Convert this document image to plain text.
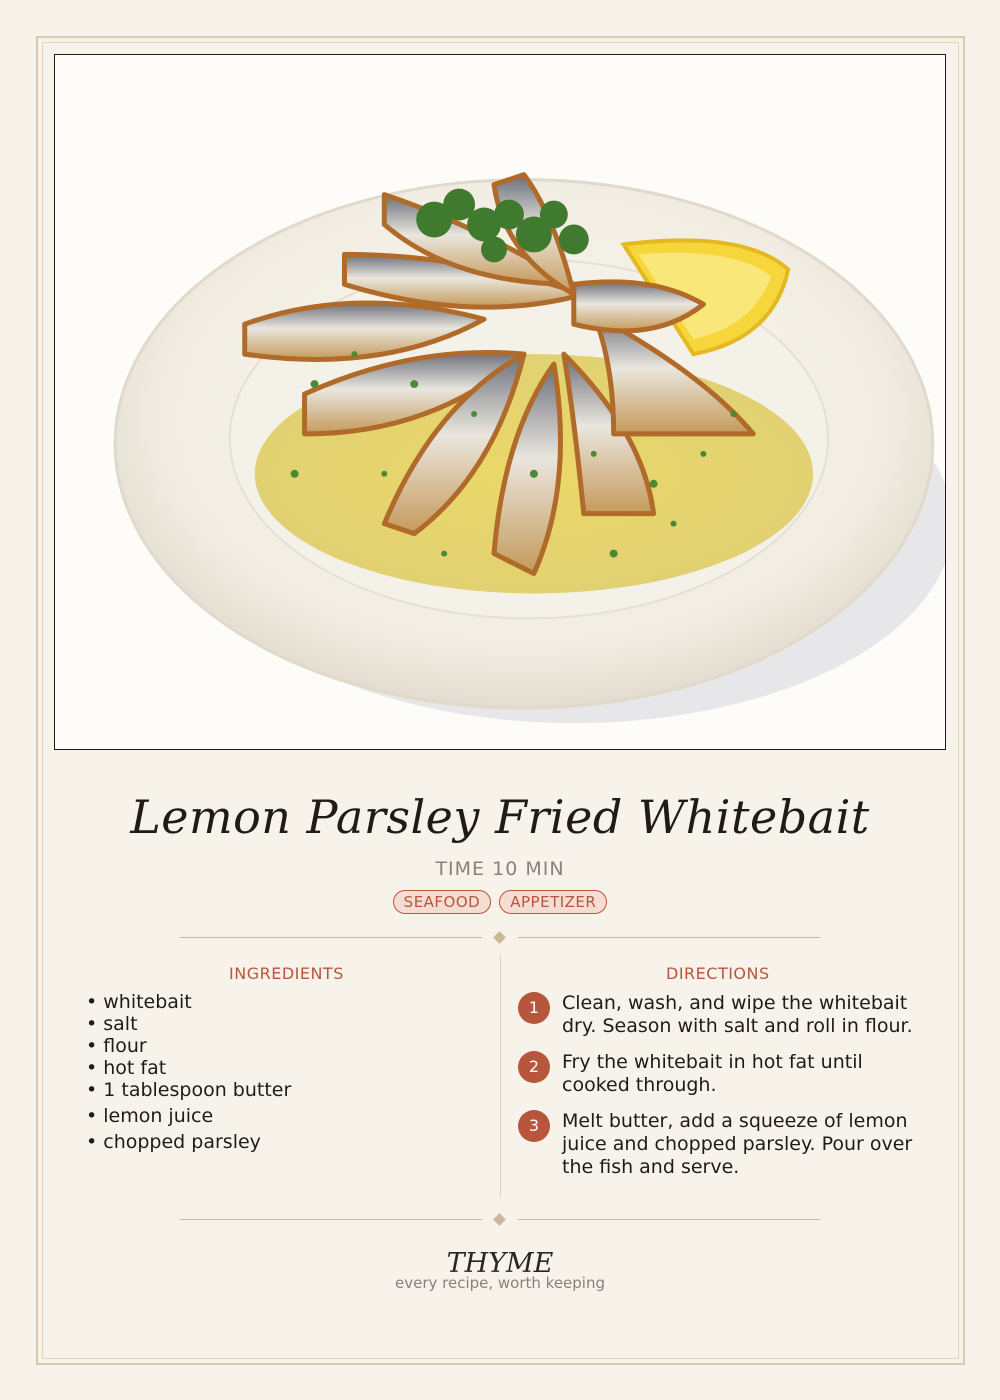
Lemon Parsley Fried Whitebait
TIME 10 MIN
SEAFOOD	APPETIZER
INGREDIENTS
• whitebait
• salt
• flour
• hot fat
• 1 tablespoon butter
• lemon juice
• chopped parsley
DIRECTIONS
1	Clean, wash, and wipe the whitebait dry. Season with salt and roll in flour.
2	Fry the whitebait in hot fat until cooked through.
3	Melt butter, add a squeeze of lemon juice and chopped parsley. Pour over the fish and serve.
THYME
every recipe, worth keeping
